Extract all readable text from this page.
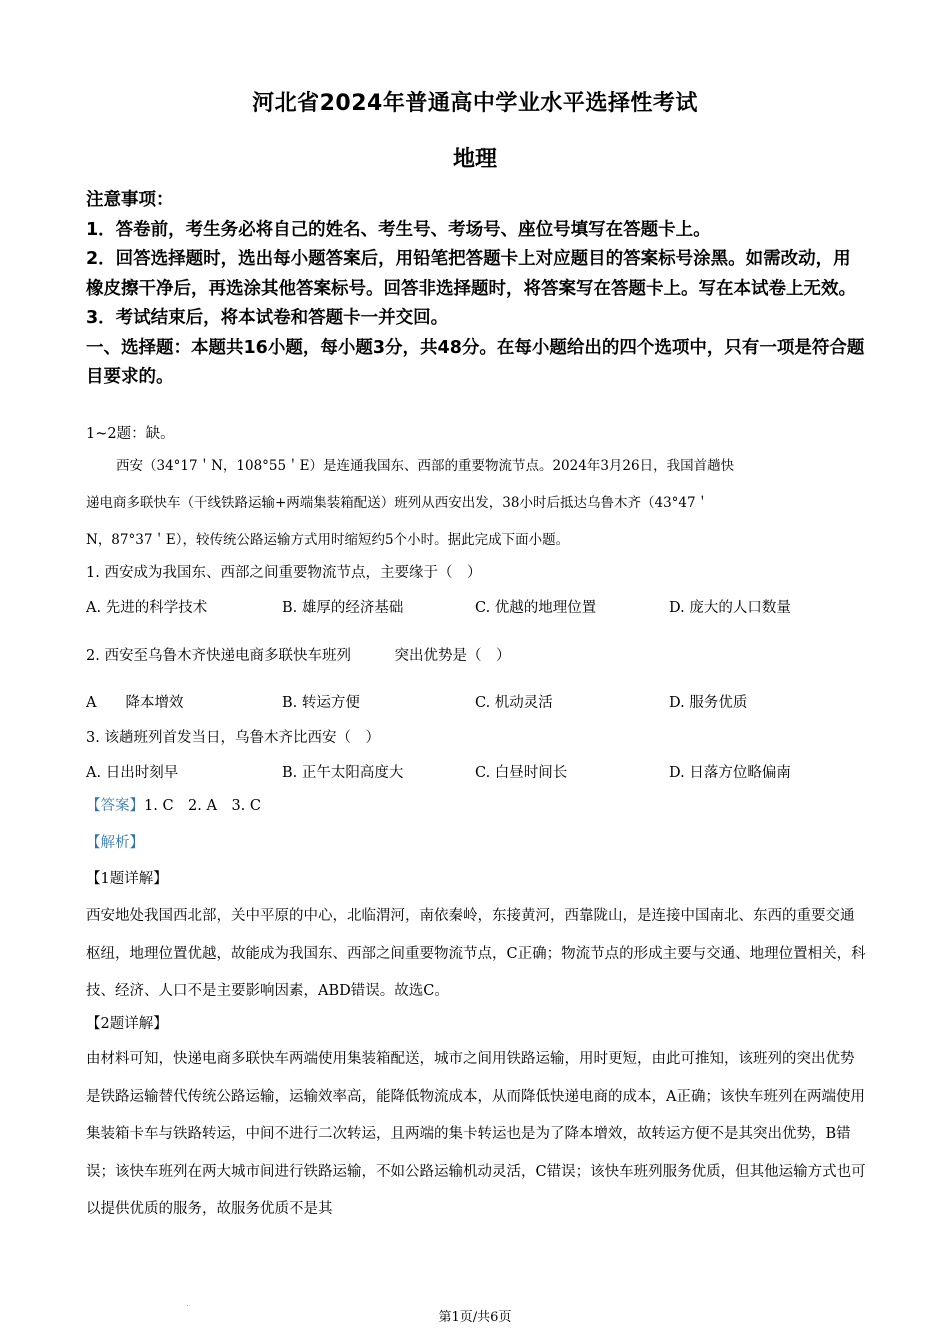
河北省2024年普通高中学业水平选择性考试
地理
注意事项：
1．答卷前，考生务必将自己的姓名、考生号、考场号、座位号填写在答题卡上。
2．回答选择题时，选出每小题答案后，用铅笔把答题卡上对应题目的答案标号涂黑。如需改动，用橡皮擦干净后，再选涂其他答案标号。回答非选择题时，将答案写在答题卡上。写在本试卷上无效。
3．考试结束后，将本试卷和答题卡一并交回。
一、选择题：本题共16小题，每小题3分，共48分。在每小题给出的四个选项中，只有一项是符合题目要求的。
1~2题：缺。
西安（34°17＇N，108°55＇E）是连通我国东、西部的重要物流节点。2024年3月26日，我国首趟快
递电商多联快车（干线铁路运输+两端集装箱配送）班列从西安出发，38小时后抵达乌鲁木齐（43°47＇
N，87°37＇E），较传统公路运输方式用时缩短约5个小时。据此完成下面小题。
1. 西安成为我国东、西部之间重要物流节点，主要缘于（　）
A. 先进的科学技术	B. 雄厚的经济基础	C. 优越的地理位置	D. 庞大的人口数量
2. 西安至乌鲁木齐快递电商多联快车班列　　　突出优势是（　）
A　　降本增效	B. 转运方便	C. 机动灵活	D. 服务优质
3. 该趟班列首发当日，乌鲁木齐比西安（　）
A. 日出时刻早	B. 正午太阳高度大	C. 白昼时间长	D. 日落方位略偏南
【答案】1. C　2. A　3. C
【解析】
【1题详解】
西安地处我国西北部，关中平原的中心，北临渭河，南依秦岭，东接黄河，西靠陇山，是连接中国南北、东西的重要交通枢纽，地理位置优越，故能成为我国东、西部之间重要物流节点，C正确；物流节点的形成主要与交通、地理位置相关，科技、经济、人口不是主要影响因素，ABD错误。故选C。
【2题详解】
由材料可知，快递电商多联快车两端使用集装箱配送，城市之间用铁路运输，用时更短，由此可推知，该班列的突出优势是铁路运输替代传统公路运输，运输效率高，能降低物流成本，从而降低快递电商的成本，A正确；该快车班列在两端使用集装箱卡车与铁路转运，中间不进行二次转运，且两端的集卡转运也是为了降本增效，故转运方便不是其突出优势，B错误；该快车班列在两大城市间进行铁路运输，不如公路运输机动灵活，C错误；该快车班列服务优质，但其他运输方式也可以提供优质的服务，故服务优质不是其
第1页/共6页
